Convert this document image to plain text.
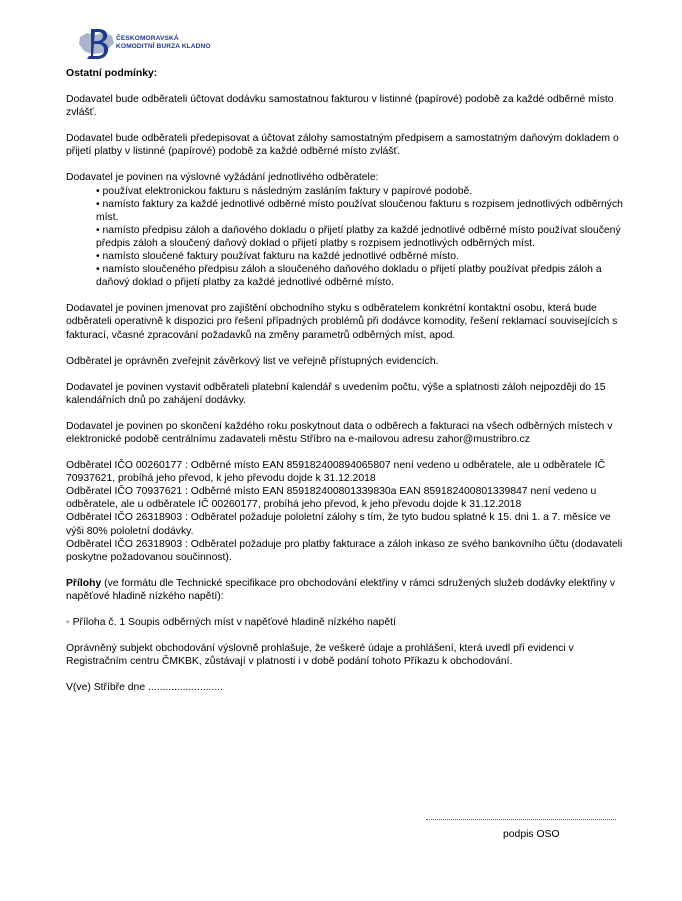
ČESKOMORAVSKÁ
KOMODITNÍ BURZA KLADNO

Ostatní podmínky:

Dodavatel bude odběrateli účtovat dodávku samostatnou fakturou v listinné (papírové) podobě za každé odběrné místo zvlášť.

Dodavatel bude odběrateli předepisovat a účtovat zálohy samostatným předpisem a samostatným daňovým dokladem o přijetí platby v listinné (papírové) podobě za každé odběrné místo zvlášť.

Dodavatel je povinen na výslovné vyžádání jednotlivého odběratele:

• používat elektronickou fakturu s následným zasláním faktury v papírové podobě.
• namísto faktury za každé jednotlivé odběrné místo používat sloučenou fakturu s rozpisem jednotlivých odběrných míst.
• namísto předpisu záloh a daňového dokladu o přijetí platby za každé jednotlivé odběrné místo používat sloučený předpis záloh a sloučený daňový doklad o přijetí platby s rozpisem jednotlivých odběrných míst.
• namísto sloučené faktury používat fakturu na každé jednotlivé odběrné místo.
• namísto sloučeného předpisu záloh a sloučeného daňového dokladu o přijetí platby používat předpis záloh a daňový doklad o přijetí platby za každé jednotlivé odběrné místo.

Dodavatel je povinen jmenovat pro zajištění obchodního styku s odběratelem konkrétní kontaktní osobu, která bude odběrateli operativně k dispozici pro řešení případných problémů při dodávce komodity, řešení reklamací souvisejících s fakturací, včasné zpracování požadavků na změny parametrů odběrných míst, apod.

Odběratel je oprávněn zveřejnit závěrkový list ve veřejně přístupných evidencích.

Dodavatel je povinen vystavit odběrateli platební kalendář s uvedením počtu, výše a splatnosti záloh nejpozději do 15 kalendářních dnů po zahájení dodávky.

Dodavatel je povinen po skončení každého roku poskytnout data o odběrech a fakturaci na všech odběrných místech v elektronické podobě centrálnímu zadavateli městu Stříbro na e-mailovou adresu zahor@mustribro.cz

Odběratel IČO 00260177 : Odběrné místo EAN 859182400894065807 není vedeno u odběratele, ale u odběratele IČ 70937621, probíhá jeho převod, k jeho převodu dojde k 31.12.2018

Odběratel IČO 70937621 : Odběrné místo EAN 859182400801339830a EAN 859182400801339847 není vedeno u odběratele, ale u odběratele IČ 00260177, probíhá jeho převod, k jeho převodu dojde k 31.12.2018

Odběratel IČO 26318903 : Odběratel požaduje pololetní zálohy s tím, že tyto budou splatné k 15. dni 1. a 7. měsíce ve výši 80% pololetní dodávky.

Odběratel IČO 26318903 : Odběratel požaduje pro platby fakturace a záloh inkaso ze svého bankovního účtu (dodavateli poskytne požadovanou součinnost).

Přílohy (ve formátu dle Technické specifikace pro obchodování elektřiny v rámci sdružených služeb dodávky elektřiny v napěťové hladině nízkého napětí):

◦ Příloha č. 1 Soupis odběrných míst v napěťové hladině nízkého napětí

Oprávněný subjekt obchodování výslovně prohlašuje, že veškeré údaje a prohlášení, která uvedl při evidenci v Registračním centru ČMKBK, zůstávají v platnosti i v době podání tohoto Příkazu k obchodování.

V(ve) Stříbře dne ..........................

podpis OSO
